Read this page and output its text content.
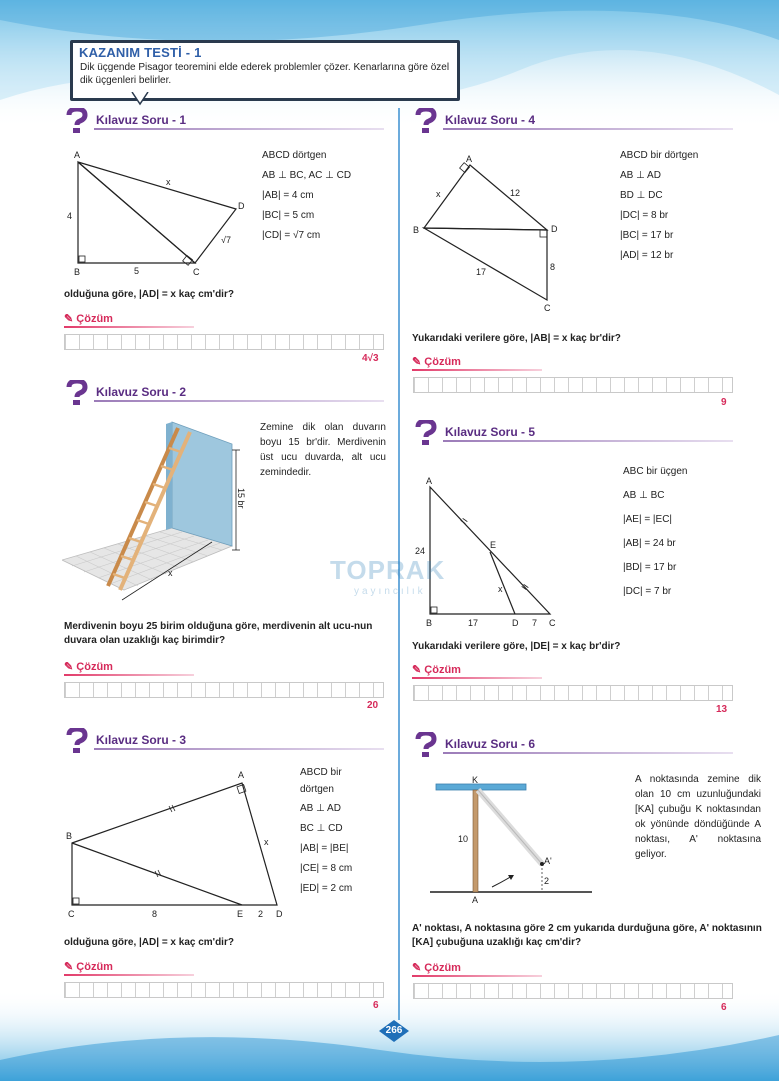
KAZANIM TESTİ - 1
Dik üçgende Pisagor teoremini elde ederek problemler çözer. Kenarlarına göre özel dik üçgenleri belirler.
Kılavuz Soru - 1
A
B	C
D
x
4
5
√7
ABCD dörtgen
AB ⊥ BC, AC ⊥ CD
|AB| = 4 cm
|BC| = 5 cm
|CD| = √7 cm
olduğuna göre, |AD| = x kaç cm'dir?
✎ Çözüm
4√3
Kılavuz Soru - 2
15 br
x
Zemine dik olan duvarın boyu 15 br'dir. Merdivenin üst ucu duvarda, alt ucu zemindedir.
Merdivenin boyu 25 birim olduğuna göre, merdivenin alt ucu-nun duvara olan uzaklığı kaç birimdir?
✎ Çözüm
20
Kılavuz Soru - 3
A
B
C	D
E
x
8	2
ABCD bir
dörtgen
AB ⊥ AD
BC ⊥ CD
|AB| = |BE|
|CE| = 8 cm
|ED| = 2 cm
olduğuna göre, |AD| = x kaç cm'dir?
✎ Çözüm
6
Kılavuz Soru - 4
A
B
C
D
x	12
17	8
ABCD bir dörtgen
AB ⊥ AD
BD ⊥ DC
|DC| = 8 br
|BC| = 17 br
|AD| = 12 br
Yukarıdaki verilere göre, |AB| = x kaç br'dir?
✎ Çözüm
9
Kılavuz Soru - 5
A
B	C
D
E
x
24
17	7
ABC bir üçgen
AB ⊥ BC
|AE| = |EC|
|AB| = 24 br
|BD| = 17 br
|DC| = 7 br
Yukarıdaki verilere göre, |DE| = x kaç br'dir?
✎ Çözüm
13
Kılavuz Soru - 6
K
A
A'
10
2
A noktasında zemine dik olan 10 cm uzunluğundaki [KA] çubuğu K noktasından ok yönünde döndüğünde A noktası, A' noktasına geliyor.
A' noktası, A noktasına göre 2 cm yukarıda durduğuna göre, A' noktasının [KA] çubuğuna uzaklığı kaç cm'dir?
✎ Çözüm
6
TOPRAK
yayıncılık
266
